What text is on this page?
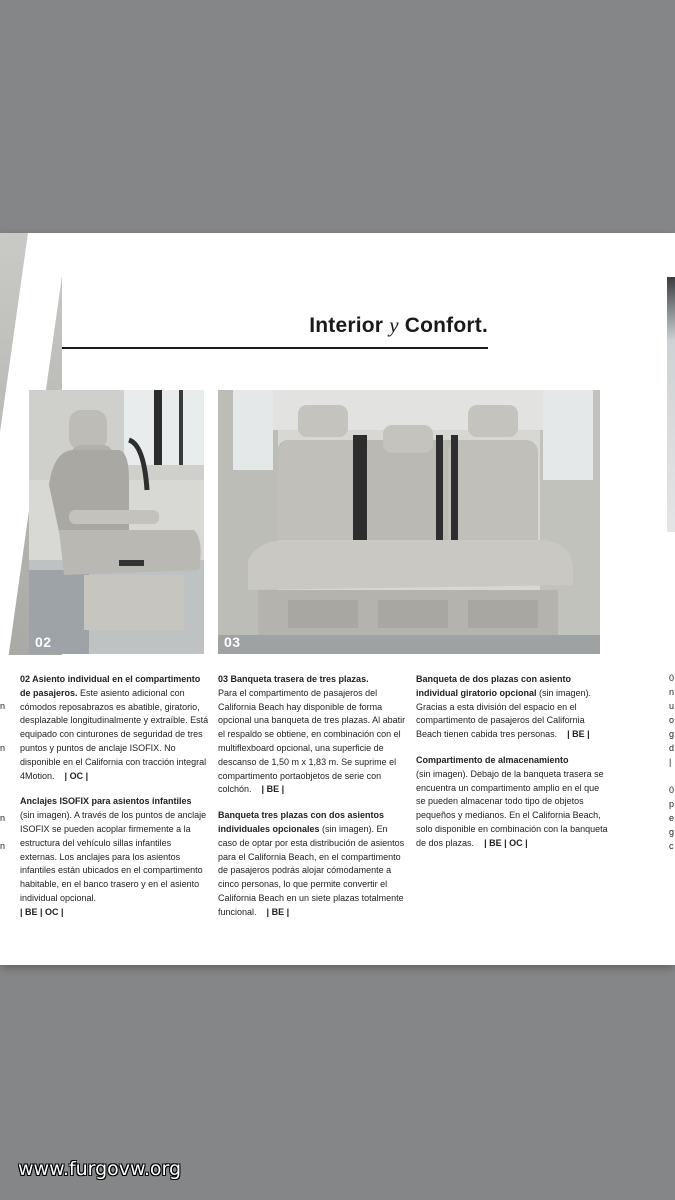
Interior y Confort.
02	03
n
n
n
n
0
n
u
o
g
d
|
0
p
e
g
c

02 Asiento individual en el compartimento de pasajeros. Este asiento adicional con cómodos reposabrazos es abatible, giratorio, desplazable longitudinalmente y extraíble. Está equipado con cinturones de seguridad de tres puntos y puntos de anclaje ISOFIX. No disponible en el California con tracción integral 4Motion. | OC |

Anclajes ISOFIX para asientos infantiles
(sin imagen). A través de los puntos de anclaje ISOFIX se pueden acoplar firmemente a la estructura del vehículo sillas infantiles externas. Los anclajes para los asientos infantiles están ubicados en el compartimento habitable, en el banco trasero y en el asiento individual opcional.
| BE | OC |

03 Banqueta trasera de tres plazas.
Para el compartimento de pasajeros del California Beach hay disponible de forma opcional una banqueta de tres plazas. Al abatir el respaldo se obtiene, en combinación con el multiflexboard opcional, una superficie de descanso de 1,50 m x 1,83 m. Se suprime el compartimento portaobjetos de serie con colchón. | BE |

Banqueta tres plazas con dos asientos individuales opcionales (sin imagen). En caso de optar por esta distribución de asientos para el California Beach, en el compartimento de pasajeros podrás alojar cómodamente a cinco personas, lo que permite convertir el California Beach en un siete plazas totalmente funcional. | BE |

Banqueta de dos plazas con asiento individual giratorio opcional (sin imagen). Gracias a esta división del espacio en el compartimento de pasajeros del California Beach tienen cabida tres personas. | BE |

Compartimento de almacenamiento
(sin imagen). Debajo de la banqueta trasera se encuentra un compartimento amplio en el que se pueden almacenar todo tipo de objetos pequeños y medianos. En el California Beach, solo disponible en combinación con la banqueta de dos plazas. | BE | OC |

www.furgovw.org
